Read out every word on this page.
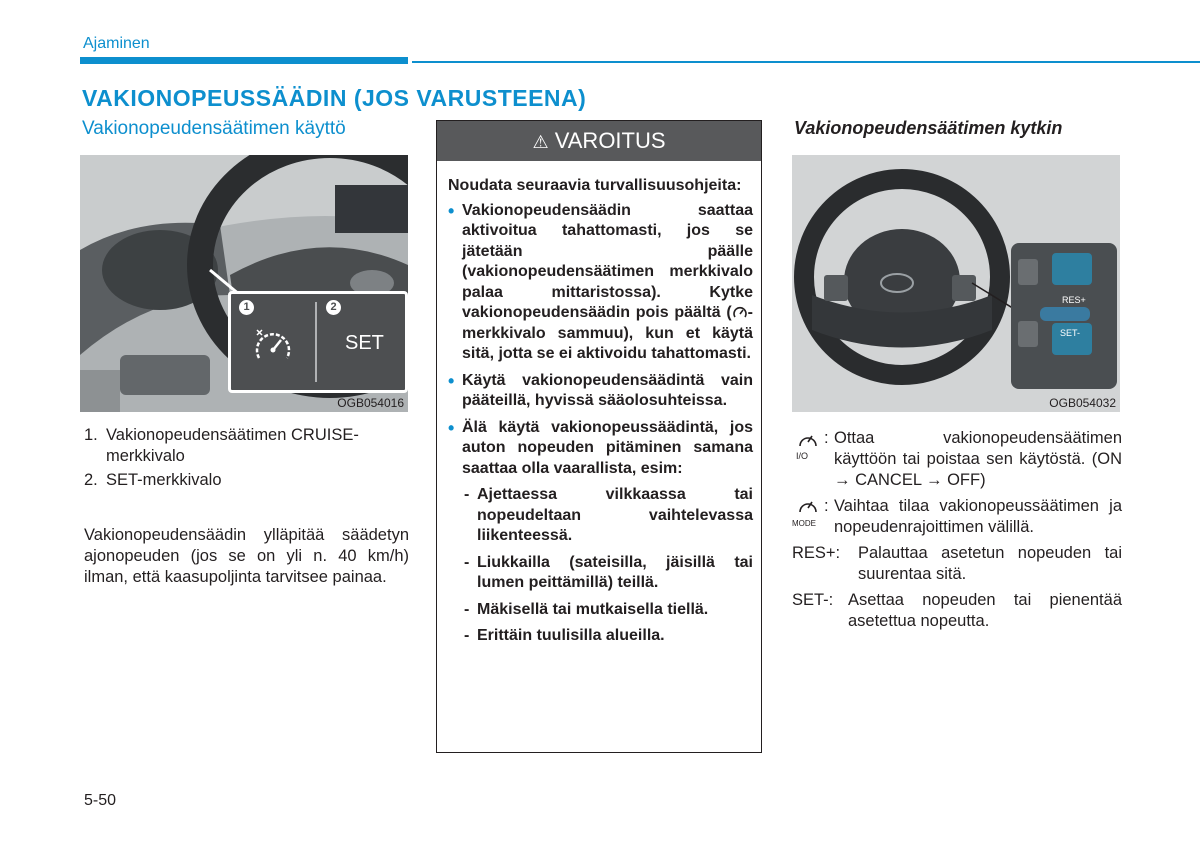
Ajaminen
VAKIONOPEUSSÄÄDIN (JOS VARUSTEENA)
Vakionopeudensäätimen käyttö
1	2
SET
OGB054016
1. Vakionopeudensäätimen CRUISE-merkkivalo
2. SET-merkkivalo
Vakionopeudensäädin ylläpitää säädetyn ajonopeuden (jos se on yli n. 40 km/h) ilman, että kaasupoljinta tarvitsee painaa.
⚠ VAROITUS
Noudata seuraavia turvallisuusohjeita:
• Vakionopeudensäädin saattaa aktivoitua tahattomasti, jos se jätetään päälle (vakionopeudensäätimen merkkivalo palaa mittaristossa). Kytke vakionopeudensäädin pois päältä ( -merkkivalo sammuu), kun et käytä sitä, jotta se ei aktivoidu tahattomasti.
• Käytä vakionopeudensäädintä vain pääteillä, hyvissä sääolosuhteissa.
• Älä käytä vakionopeussäädintä, jos auton nopeuden pitäminen samana saattaa olla vaarallista, esim:
- Ajettaessa vilkkaassa tai nopeudeltaan vaihtelevassa liikenteessä.
- Liukkailla (sateisilla, jäisillä tai lumen peittämillä) teillä.
- Mäkisellä tai mutkaisella tiellä.
- Erittäin tuulisilla alueilla.
Vakionopeudensäätimen kytkin
RES+
SET-
OGB054032
I/O
: Ottaa vakionopeudensäätimen käyttöön tai poistaa sen käytöstä. (ON → CANCEL → OFF)
MODE
: Vaihtaa tilaa vakionopeussäätimen ja nopeudenrajoittimen välillä.
RES+:	Palauttaa asetetun nopeuden tai suurentaa sitä.
SET-: Asettaa nopeuden tai pienentää asetettua nopeutta.
5-50
